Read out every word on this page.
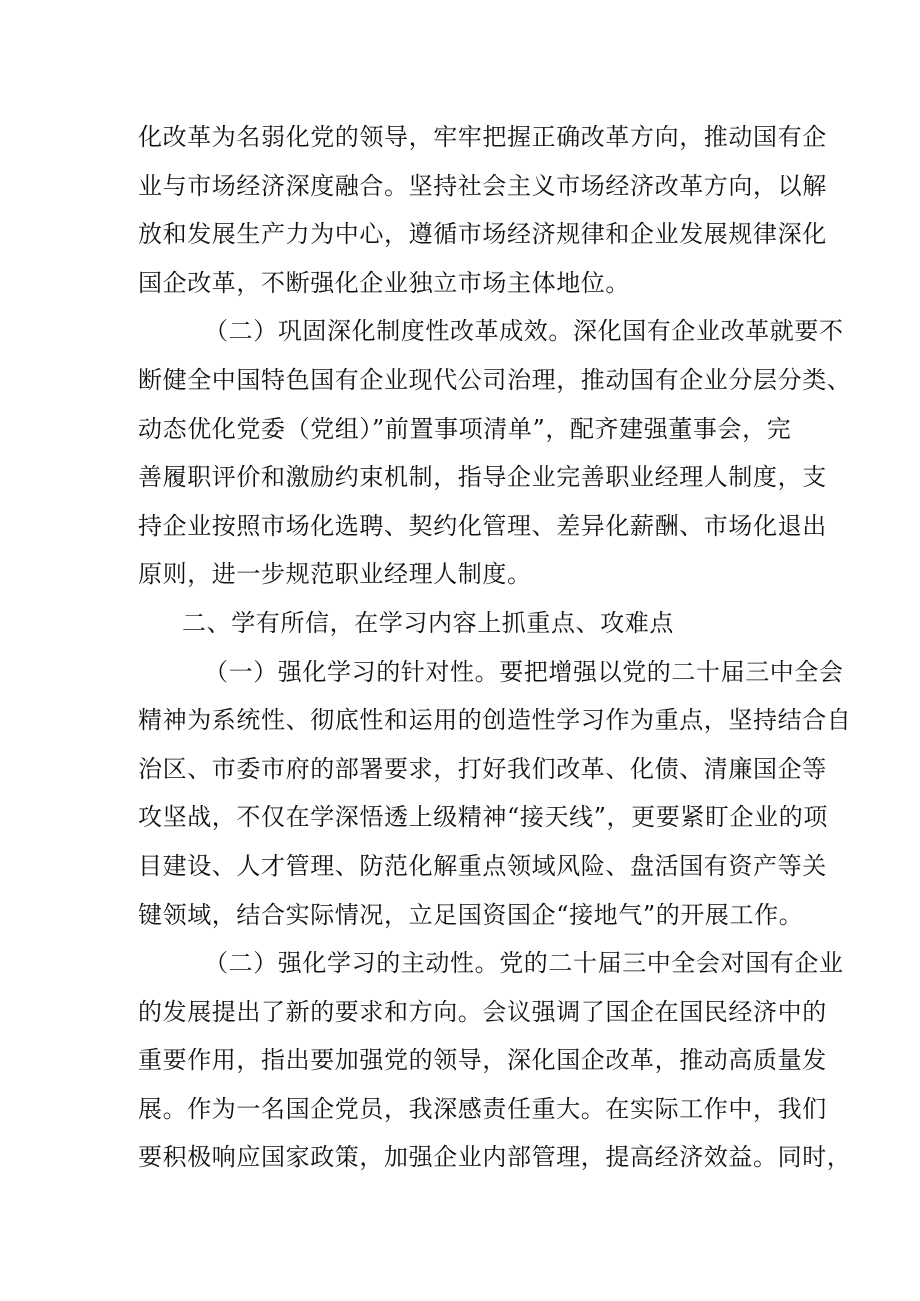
化改革为名弱化党的领导，牢牢把握正确改革方向，推动国有企
业与市场经济深度融合。坚持社会主义市场经济改革方向，以解
放和发展生产力为中心，遵循市场经济规律和企业发展规律深化
国企改革，不断强化企业独立市场主体地位。
（二）巩固深化制度性改革成效。深化国有企业改革就要不
断健全中国特色国有企业现代公司治理，推动国有企业分层分类、
动态优化党委（党组）”前置事项清单”，配齐建强董事会，完
善履职评价和激励约束机制，指导企业完善职业经理人制度，支
持企业按照市场化选聘、契约化管理、差异化薪酬、市场化退出
原则，进一步规范职业经理人制度。
二、学有所信，在学习内容上抓重点、攻难点
（一）强化学习的针对性。要把增强以党的二十届三中全会
精神为系统性、彻底性和运用的创造性学习作为重点，坚持结合自
治区、市委市府的部署要求，打好我们改革、化债、清廉国企等
攻坚战，不仅在学深悟透上级精神“接天线”，更要紧盯企业的项
目建设、人才管理、防范化解重点领域风险、盘活国有资产等关
键领域，结合实际情况，立足国资国企“接地气”的开展工作。
（二）强化学习的主动性。党的二十届三中全会对国有企业
的发展提出了新的要求和方向。会议强调了国企在国民经济中的
重要作用，指出要加强党的领导，深化国企改革，推动高质量发
展。作为一名国企党员，我深感责任重大。在实际工作中，我们
要积极响应国家政策，加强企业内部管理，提高经济效益。同时，
